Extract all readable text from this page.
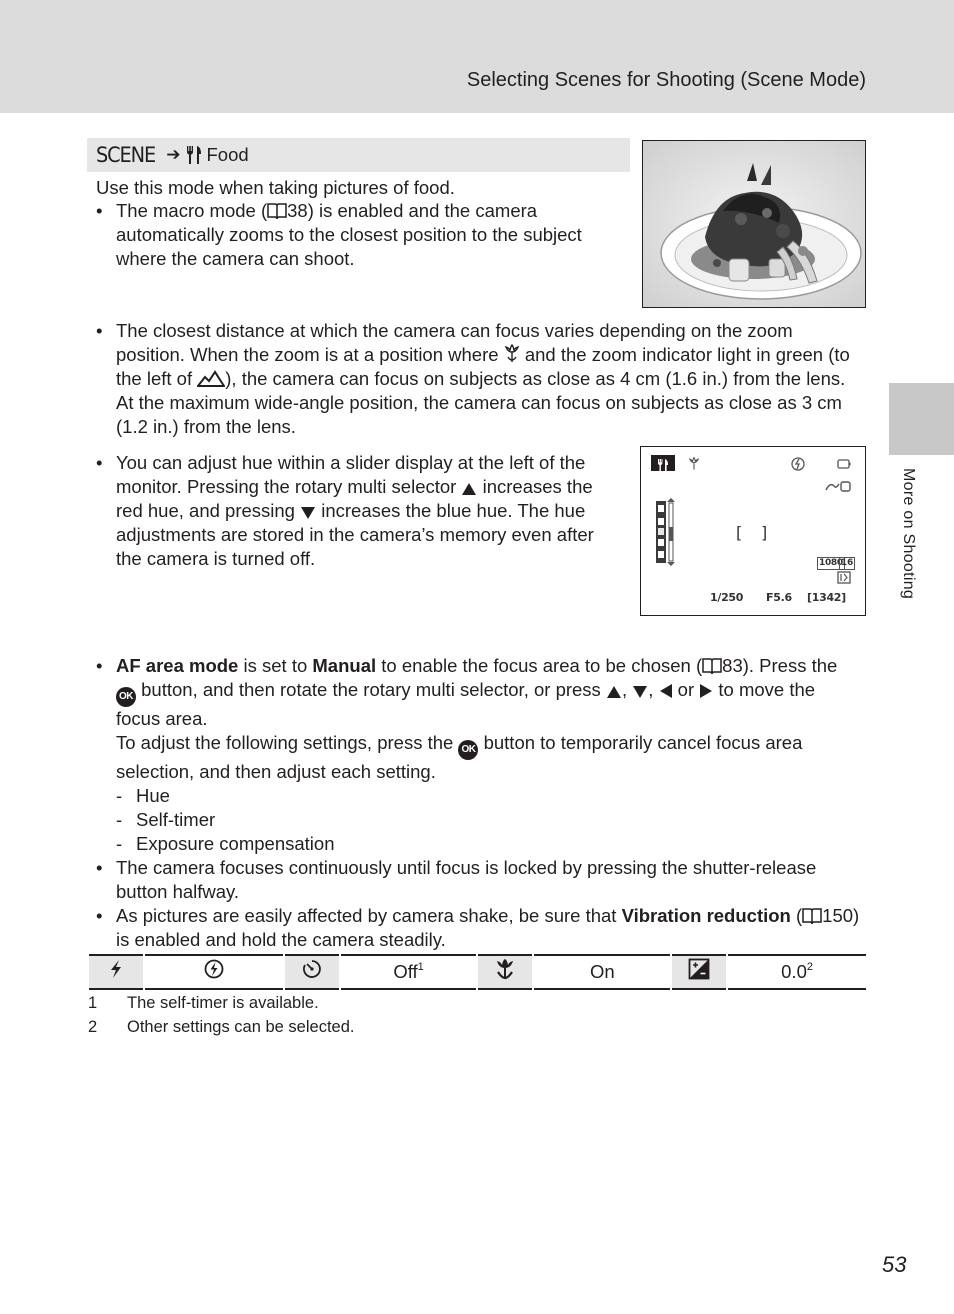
Selecting Scenes for Shooting (Scene Mode)
More on Shooting
SCENE ➔ Food
Use this mode when taking pictures of food.
• The macro mode ( 38) is enabled and the camera automatically zooms to the closest position to the subject where the camera can shoot.
• The closest distance at which the camera can focus varies depending on the zoom position. When the zoom is at a position where and the zoom indicator light in green (to the left of ), the camera can focus on subjects as close as 4 cm (1.6 in.) from the lens. At the maximum wide-angle position, the camera can focus on subjects as close as 3 cm (1.2 in.) from the lens.
• You can adjust hue within a slider display at the left of the monitor. Pressing the rotary multi selector increases the red hue, and pressing increases the blue hue. The hue adjustments are stored in the camera’s memory even after the camera is turned off.
[ ]
1080
16
1/250 F5.6 [1342]
• AF area mode is set to Manual to enable the focus area to be chosen ( 83). Press the OK button, and then rotate the rotary multi selector, or press , ,  or  to move the focus area.
To adjust the following settings, press the OK button to temporarily cancel focus area selection, and then adjust each setting.
- Hue
- Self-timer
- Exposure compensation
• The camera focuses continuously until focus is locked by pressing the shutter-release button halfway.
• As pictures are easily affected by camera shake, be sure that Vibration reduction ( 150) is enabled and hold the camera steadily.
			Off$^1$		On		$0.0^2$
1	The self-timer is available.
2	Other settings can be selected.
53
